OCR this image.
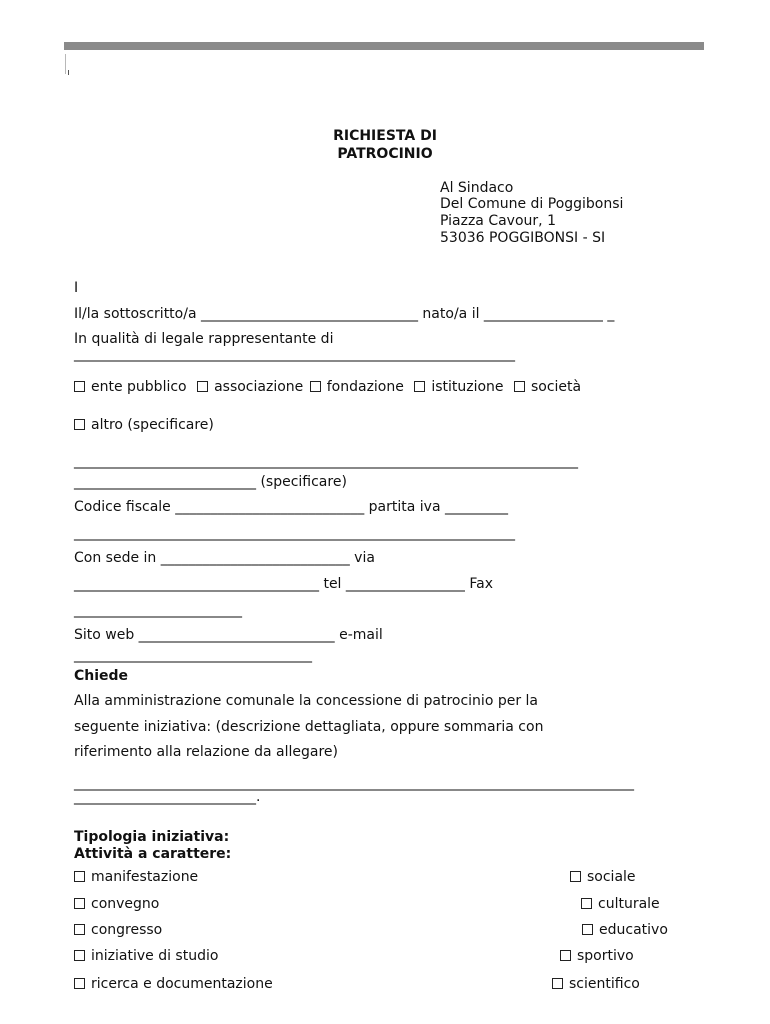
RICHIESTA DI
PATROCINIO
Al Sindaco
Del Comune di Poggibonsi
Piazza Cavour, 1
53036 POGGIBONSI - SI
I
Il/la sottoscritto/a _______________________________ nato/a il _________________ _
In qualità di legale rappresentante di
_______________________________________________________________
ente pubblico associazione fondazione istituzione società
altro (specificare)
________________________________________________________________________
__________________________ (specificare)
Codice fiscale ___________________________ partita iva _________
_______________________________________________________________
Con sede in ___________________________ via
___________________________________ tel _________________ Fax
________________________
Sito web ____________________________ e-mail
__________________________________
Chiede
Alla amministrazione comunale la concessione di patrocinio per la
seguente iniziativa: (descrizione dettagliata, oppure sommaria con
riferimento alla relazione da allegare)
________________________________________________________________________________
__________________________.
Tipologia iniziativa:
Attività a carattere:
manifestazione
convegno
congresso
iniziative di studio
ricerca e documentazione
sociale
culturale
educativo
sportivo
scientifico
